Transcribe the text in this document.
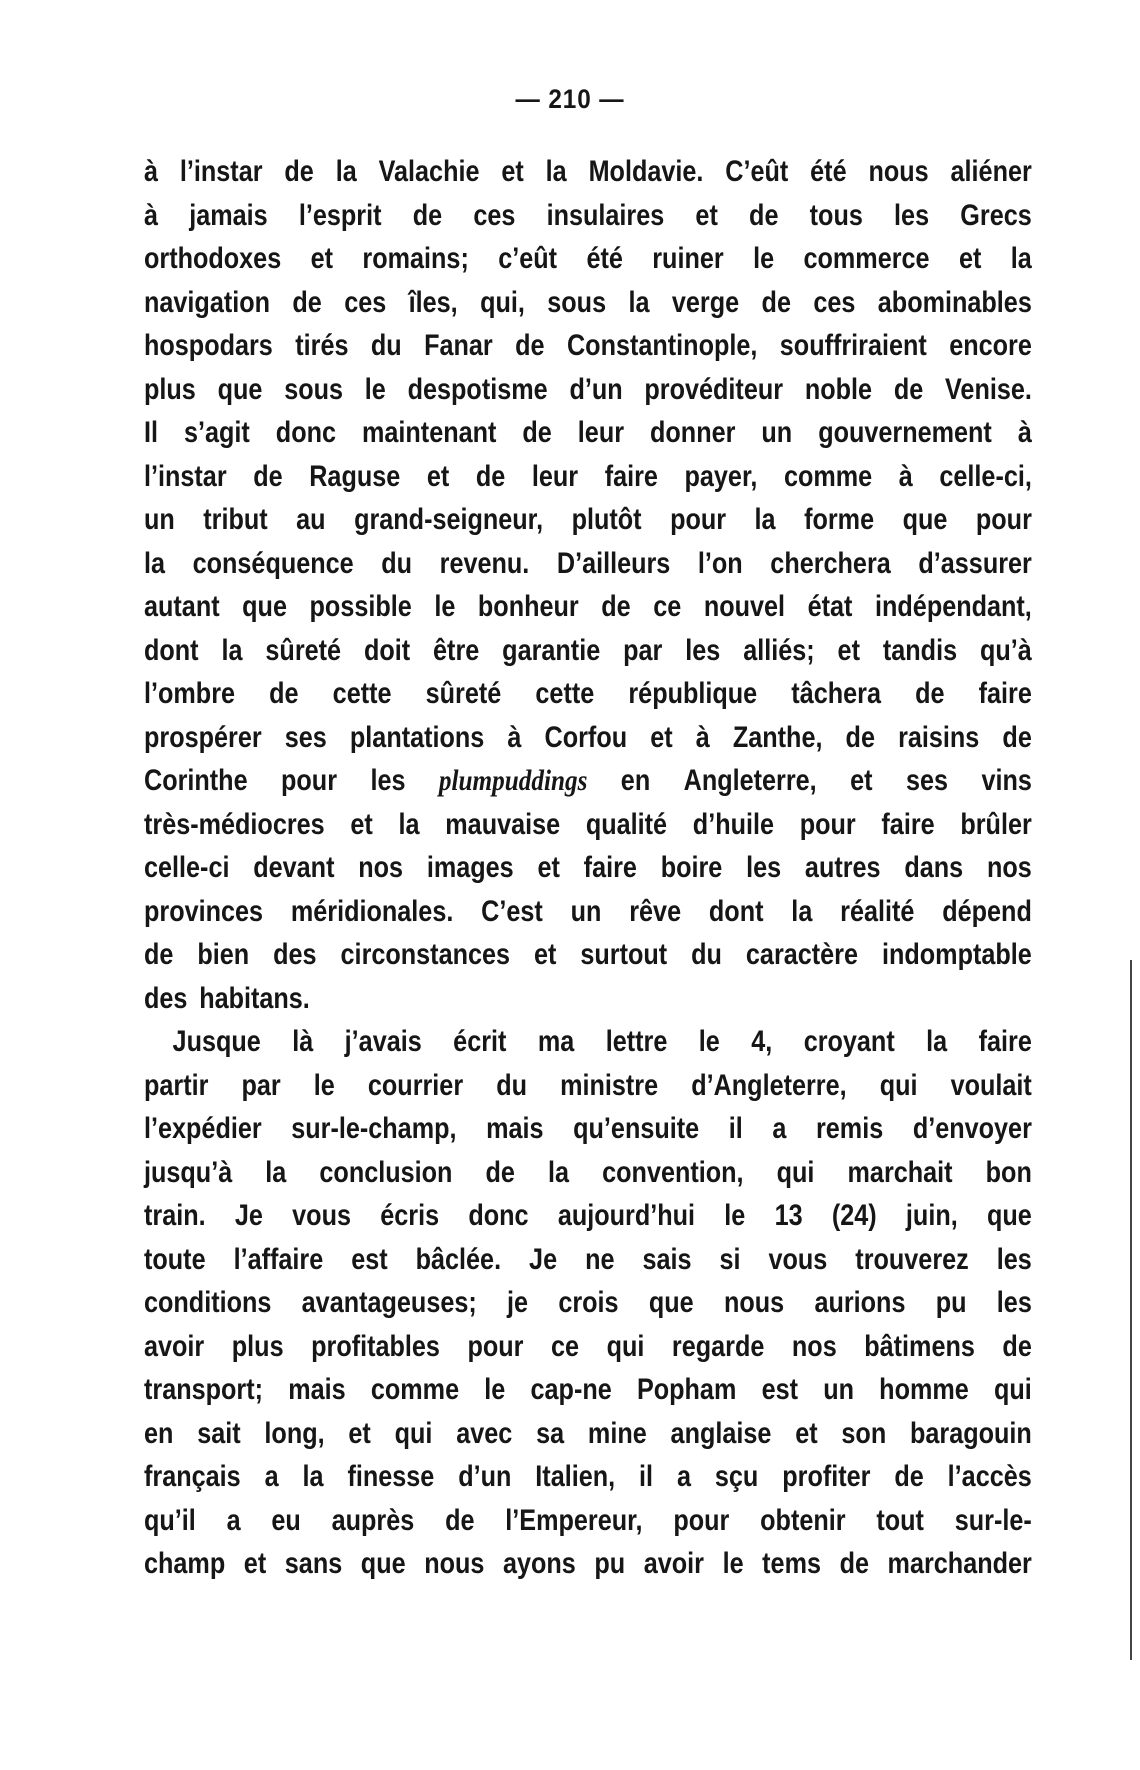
— 210 —
à l’instar de la Valachie et la Moldavie. C’eût été nous aliéner
à jamais l’esprit de ces insulaires et de tous les Grecs
orthodoxes et romains; c’eût été ruiner le commerce et la
navigation de ces îles, qui, sous la verge de ces abominables
hospodars tirés du Fanar de Constantinople, souffriraient encore
plus que sous le despotisme d’un provéditeur noble de Venise.
Il s’agit donc maintenant de leur donner un gouvernement à
l’instar de Raguse et de leur faire payer, comme à celle-ci,
un tribut au grand-seigneur, plutôt pour la forme que pour
la conséquence du revenu. D’ailleurs l’on cherchera d’assurer
autant que possible le bonheur de ce nouvel état indépendant,
dont la sûreté doit être garantie par les alliés; et tandis qu’à
l’ombre de cette sûreté cette république tâchera de faire
prospérer ses plantations à Corfou et à Zanthe, de raisins de
Corinthe pour les plumpuddings en Angleterre, et ses vins
très-médiocres et la mauvaise qualité d’huile pour faire brûler
celle-ci devant nos images et faire boire les autres dans nos
provinces méridionales. C’est un rêve dont la réalité dépend
de bien des circonstances et surtout du caractère indomptable
des habitans.
Jusque là j’avais écrit ma lettre le 4, croyant la faire
partir par le courrier du ministre d’Angleterre, qui voulait
l’expédier sur-le-champ, mais qu’ensuite il a remis d’envoyer
jusqu’à la conclusion de la convention, qui marchait bon
train. Je vous écris donc aujourd’hui le 13 (24) juin, que
toute l’affaire est bâclée. Je ne sais si vous trouverez les
conditions avantageuses; je crois que nous aurions pu les
avoir plus profitables pour ce qui regarde nos bâtimens de
transport; mais comme le cap-ne Popham est un homme qui
en sait long, et qui avec sa mine anglaise et son baragouin
français a la finesse d’un Italien, il a sçu profiter de l’accès
qu’il a eu auprès de l’Empereur, pour obtenir tout sur-le-
champ et sans que nous ayons pu avoir le tems de marchander
